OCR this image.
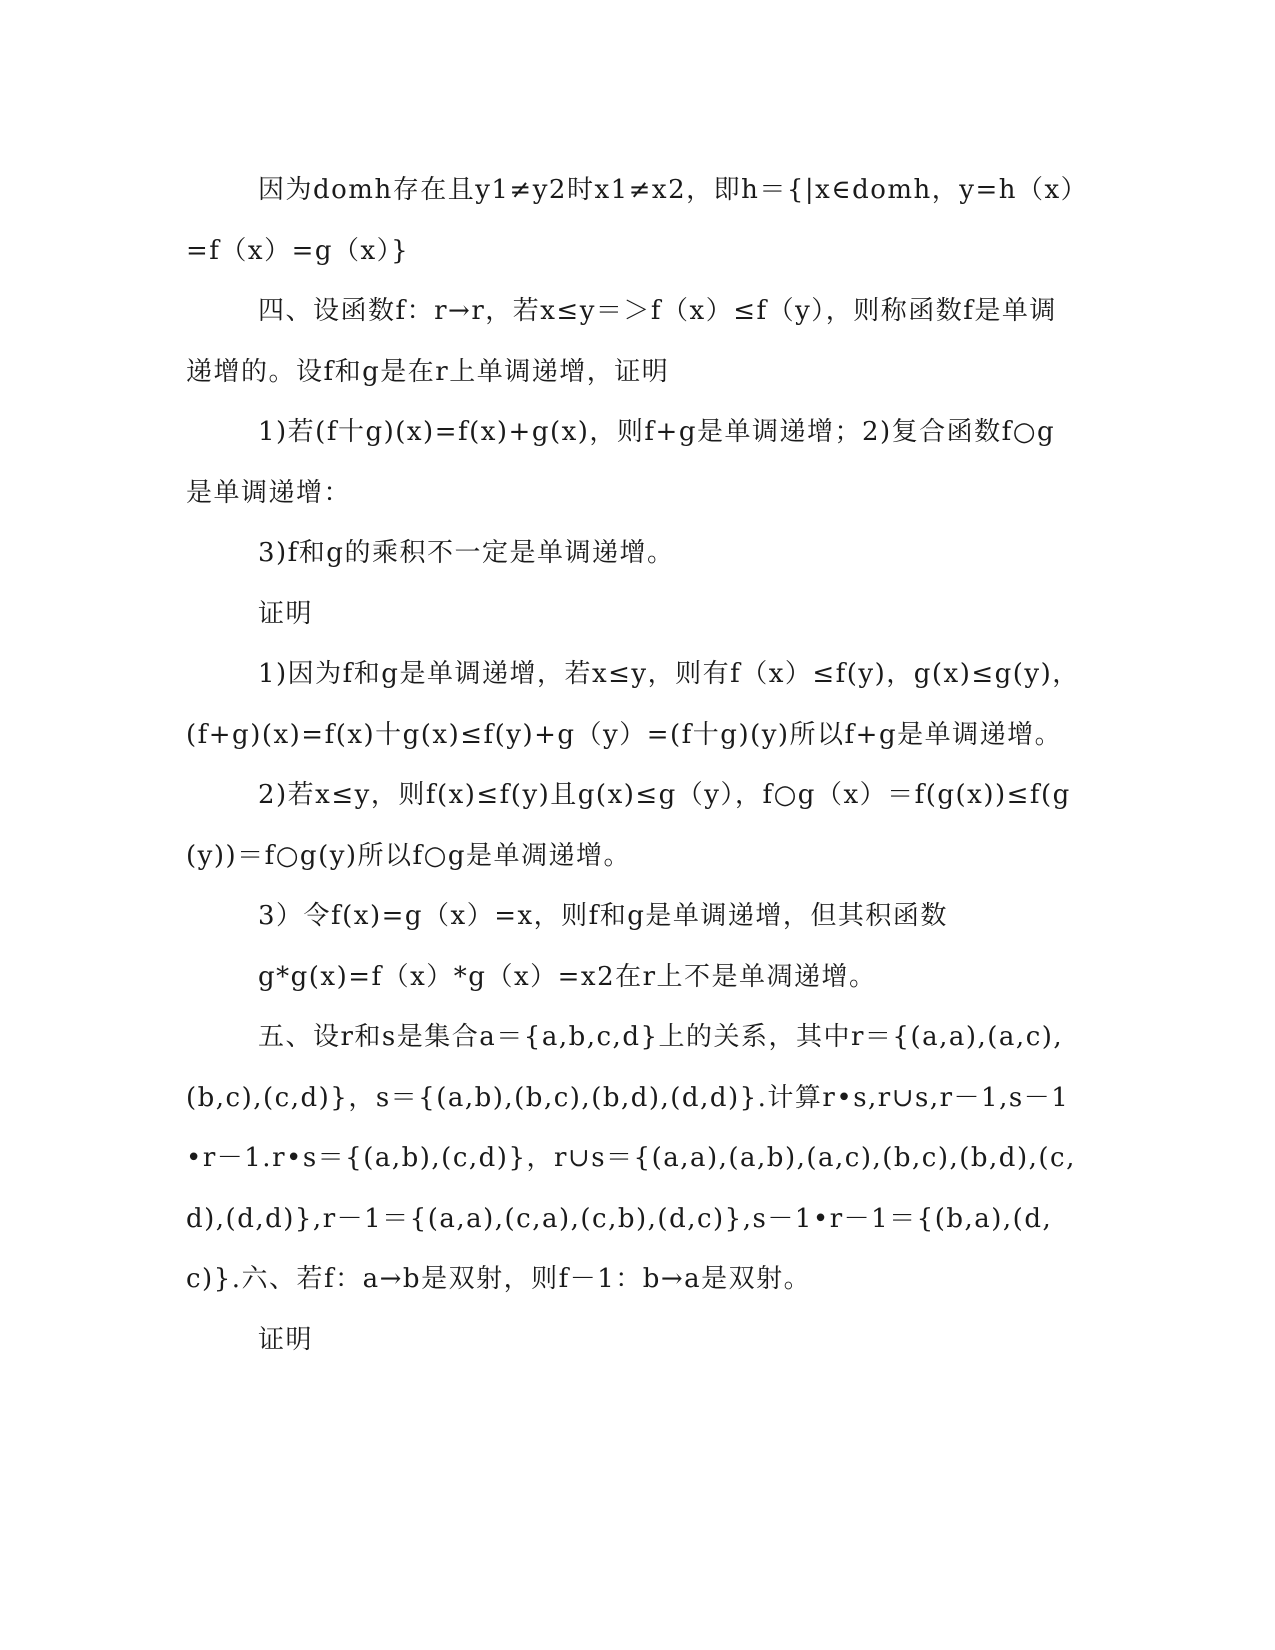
因为domh存在且y1≠y2时x1≠x2，即h＝{|x∈domh，y=h（x）=f（x）=g（x）}

四、设函数f：r→r，若x≤y＝＞f（x）≤f（y），则称函数f是单调递增的。设f和g是在r上单调递增，证明

1)若(f十g)(x)=f(x)+g(x)，则f+g是单调递增；2)复合函数f○g是单调递增：

3)f和g的乘积不一定是单调递增。

证明

1)因为f和g是单调递增，若x≤y，则有f（x）≤f(y)，g(x)≤g(y)，(f+g)(x)=f(x)十g(x)≤f(y)+g（y）=(f十g)(y)所以f+g是单调递增。

2)若x≤y，则f(x)≤f(y)且g(x)≤g（y），f○g（x）＝f(g(x))≤f(g(y))＝f○g(y)所以f○g是单凋递增。

3）令f(x)=g（x）=x，则f和g是单调递增，但其积函数

g*g(x)=f（x）*g（x）=x2在r上不是单凋递增。

五、设r和s是集合a＝{a,b,c,d}上的关系，其中r＝{(a,a),(a,c),(b,c),(c,d)}，s＝{(a,b),(b,c),(b,d),(d,d)}.计算r•s,r∪s,r－1,s－1•r－1.r•s＝{(a,b),(c,d)}，r∪s＝{(a,a),(a,b),(a,c),(b,c),(b,d),(c,d),(d,d)},r－1＝{(a,a),(c,a),(c,b),(d,c)},s－1•r－1＝{(b,a),(d,c)}.六、若f：a→b是双射，则f－1：b→a是双射。

证明
